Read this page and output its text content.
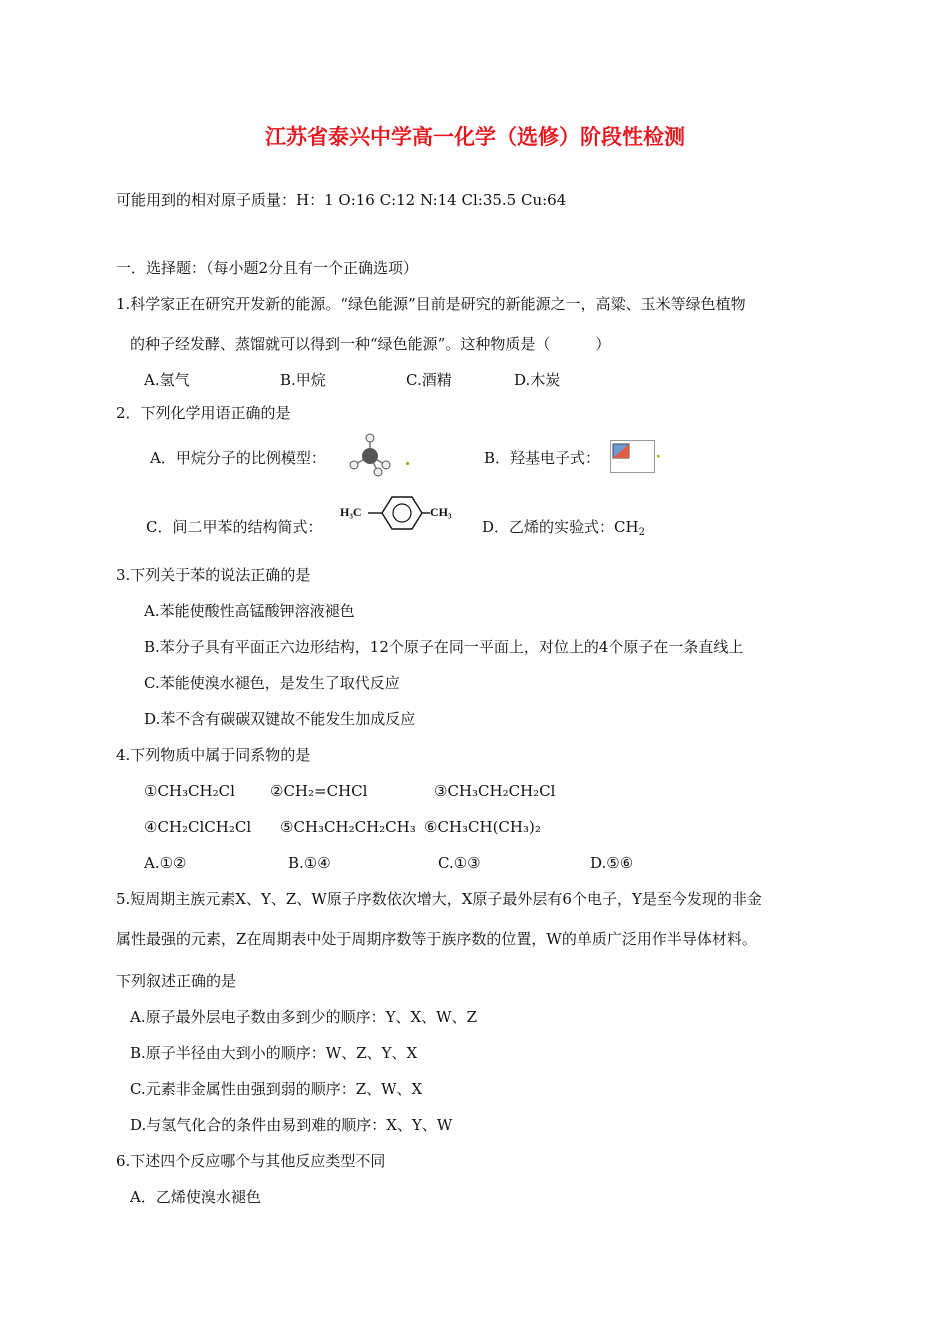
江苏省泰兴中学高一化学（选修）阶段性检测
可能用到的相对原子质量：H：1 O:16 C:12 N:14 Cl:35.5 Cu:64
一．选择题：（每小题2分且有一个正确选项）
1.科学家正在研究开发新的能源。“绿色能源”目前是研究的新能源之一，高粱、玉米等绿色植物
的种子经发酵、蒸馏就可以得到一种“绿色能源”。这种物质是（　　　）
A.氢气	B.甲烷	C.酒精	D.木炭
2．下列化学用语正确的是
A．甲烷分子的比例模型：	B．羟基电子式：
C．间二甲苯的结构简式：
H₃C	CH₃
D．乙烯的实验式：$CH_2$
3.下列关于苯的说法正确的是
A.苯能使酸性高锰酸钾溶液褪色
B.苯分子具有平面正六边形结构，12个原子在同一平面上，对位上的4个原子在一条直线上
C.苯能使溴水褪色，是发生了取代反应
D.苯不含有碳碳双键故不能发生加成反应
4.下列物质中属于同系物的是
①CH₃CH₂Cl ②CH₂=CHCl	③CH₃CH₂CH₂Cl
④CH₂ClCH₂Cl ⑤CH₃CH₂CH₂CH₃ ⑥CH₃CH(CH₃)₂
A.①②	B.①④	C.①③	D.⑤⑥
5.短周期主族元素X、Y、Z、W原子序数依次增大，X原子最外层有6个电子，Y是至今发现的非金
属性最强的元素，Z在周期表中处于周期序数等于族序数的位置，W的单质广泛用作半导体材料。
下列叙述正确的是
A.原子最外层电子数由多到少的顺序：Y、X、W、Z
B.原子半径由大到小的顺序：W、Z、Y、X
C.元素非金属性由强到弱的顺序：Z、W、X
D.与氢气化合的条件由易到难的顺序：X、Y、W
6.下述四个反应哪个与其他反应类型不同
A．乙烯使溴水褪色
